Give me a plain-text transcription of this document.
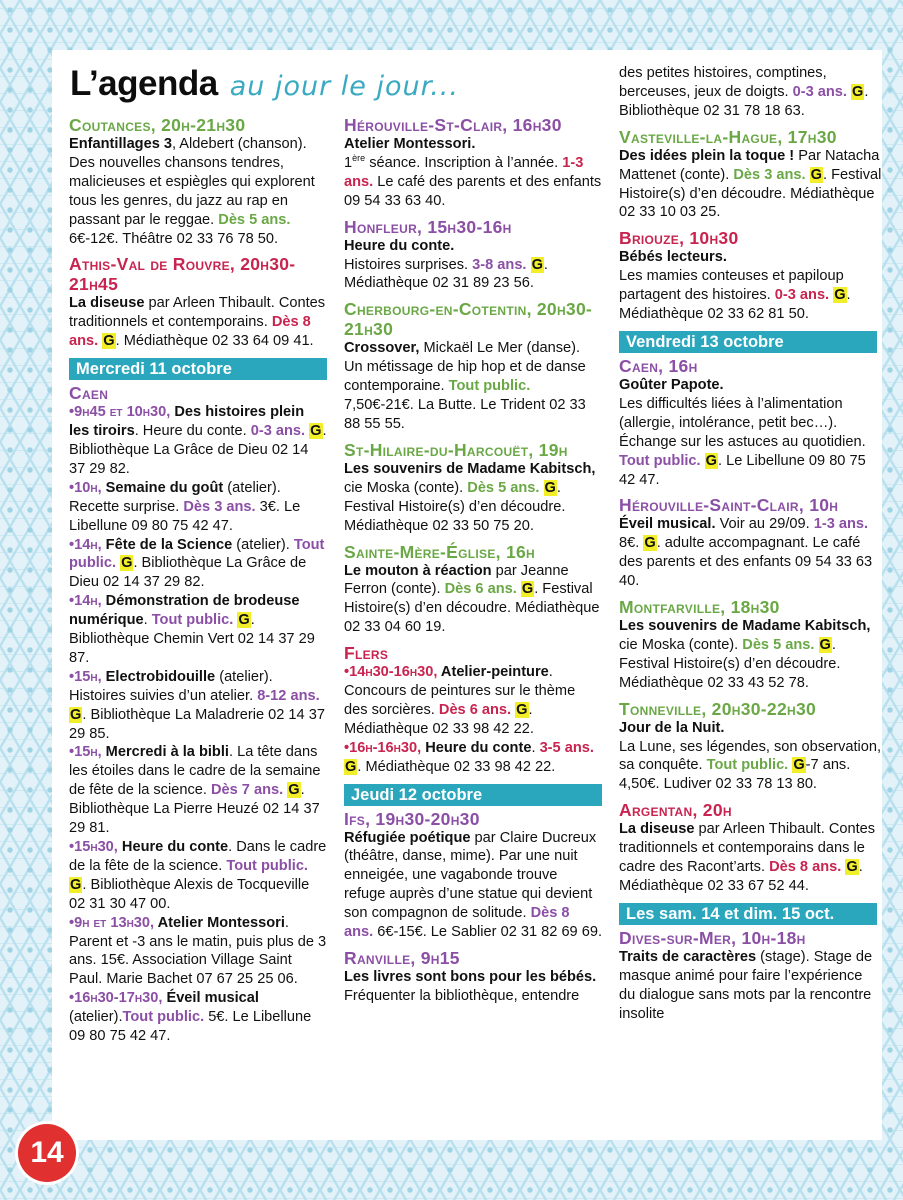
L’agenda au jour le jour...
Coutances, 20h-21h30
Enfantillages 3, Aldebert (chanson). Des nouvelles chansons tendres, malicieuses et espiègles qui explorent tous les genres, du jazz au rap en passant par le reggae. Dès 5 ans. 6€-12€. Théâtre 02 33 76 78 50.
Athis-Val de Rouvre, 20h30-21h45
La diseuse par Arleen Thibault. Contes traditionnels et contemporains. Dès 8 ans. G. Médiathèque 02 33 64 09 41.
Mercredi 11 octobre
Caen
•9h45 et 10h30, Des histoires plein les tiroirs. Heure du conte. 0-3 ans. G. Bibliothèque La Grâce de Dieu 02 14 37 29 82.
•10h, Semaine du goût (atelier). Recette surprise. Dès 3 ans. 3€. Le Libellune 09 80 75 42 47.
•14h, Fête de la Science (atelier). Tout public. G. Bibliothèque La Grâce de Dieu 02 14 37 29 82.
•14h, Démonstration de brodeuse numérique. Tout public. G. Bibliothèque Chemin Vert 02 14 37 29 87.
•15h, Electrobidouille (atelier). Histoires suivies d’un atelier. 8-12 ans. G. Bibliothèque La Maladrerie 02 14 37 29 85.
•15h, Mercredi à la bibli. La tête dans les étoiles dans le cadre de la semaine de fête de la science. Dès 7 ans. G. Bibliothèque La Pierre Heuzé 02 14 37 29 81.
•15h30, Heure du conte. Dans le cadre de la fête de la science. Tout public. G. Bibliothèque Alexis de Tocqueville 02 31 30 47 00.
•9h et 13h30, Atelier Montessori. Parent et -3 ans le matin, puis plus de 3 ans. 15€. Association Village Saint Paul. Marie Bachet 07 67 25 25 06.
•16h30-17h30, Éveil musical (atelier).Tout public. 5€. Le Libellune 09 80 75 42 47.
Hérouville-St-Clair, 16h30
Atelier Montessori.
1ère séance. Inscription à l’année. 1-3 ans. Le café des parents et des enfants 09 54 33 63 40.
Honfleur, 15h30-16h
Heure du conte.
Histoires surprises. 3-8 ans. G. Médiathèque 02 31 89 23 56.
Cherbourg-en-Cotentin, 20h30-21h30
Crossover, Mickaël Le Mer (danse). Un métissage de hip hop et de danse contemporaine. Tout public. 7,50€-21€. La Butte. Le Trident 02 33 88 55 55.
St-Hilaire-du-Harcouët, 19h
Les souvenirs de Madame Kabitsch, cie Moska (conte). Dès 5 ans. G. Festival Histoire(s) d’en découdre. Médiathèque 02 33 50 75 20.
Sainte-Mère-Église, 16h
Le mouton à réaction par Jeanne Ferron (conte). Dès 6 ans. G. Festival Histoire(s) d’en découdre. Médiathèque 02 33 04 60 19.
Flers
•14h30-16h30, Atelier-peinture. Concours de peintures sur le thème des sorcières. Dès 6 ans. G. Médiathèque 02 33 98 42 22.
•16h-16h30, Heure du conte. 3-5 ans. G. Médiathèque 02 33 98 42 22.
Jeudi 12 octobre
Ifs, 19h30-20h30
Réfugiée poétique par Claire Ducreux (théâtre, danse, mime). Par une nuit enneigée, une vagabonde trouve refuge auprès d’une statue qui devient son compagnon de solitude. Dès 8 ans. 6€-15€. Le Sablier 02 31 82 69 69.
Ranville, 9h15
Les livres sont bons pour les bébés. Fréquenter la bibliothèque, entendre
des petites histoires, comptines, berceuses, jeux de doigts. 0-3 ans. G. Bibliothèque 02 31 78 18 63.
Vasteville-la-Hague, 17h30
Des idées plein la toque ! Par Natacha Mattenet (conte). Dès 3 ans. G. Festival Histoire(s) d’en découdre. Médiathèque 02 33 10 03 25.
Briouze, 10h30
Bébés lecteurs.
Les mamies conteuses et papiloup partagent des histoires. 0-3 ans. G. Médiathèque 02 33 62 81 50.
Vendredi 13 octobre
Caen, 16h
Goûter Papote.
Les difficultés liées à l’alimentation (allergie, intolérance, petit bec…). Échange sur les astuces au quotidien. Tout public. G. Le Libellune 09 80 75 42 47.
Hérouville-Saint-Clair, 10h
Éveil musical. Voir au 29/09. 1-3 ans. 8€. G. adulte accompagnant. Le café des parents et des enfants 09 54 33 63 40.
Montfarville, 18h30
Les souvenirs de Madame Kabitsch, cie Moska (conte). Dès 5 ans. G. Festival Histoire(s) d’en découdre. Médiathèque 02 33 43 52 78.
Tonneville, 20h30-22h30
Jour de la Nuit.
La Lune, ses légendes, son observation, sa conquête. Tout public. G-7 ans. 4,50€. Ludiver 02 33 78 13 80.
Argentan, 20h
La diseuse par Arleen Thibault. Contes traditionnels et contemporains dans le cadre des Racont’arts. Dès 8 ans. G. Médiathèque 02 33 67 52 44.
Les sam. 14 et dim. 15 oct.
Dives-sur-Mer, 10h-18h
Traits de caractères (stage). Stage de masque animé pour faire l’expérience du dialogue sans mots par la rencontre insolite
14
